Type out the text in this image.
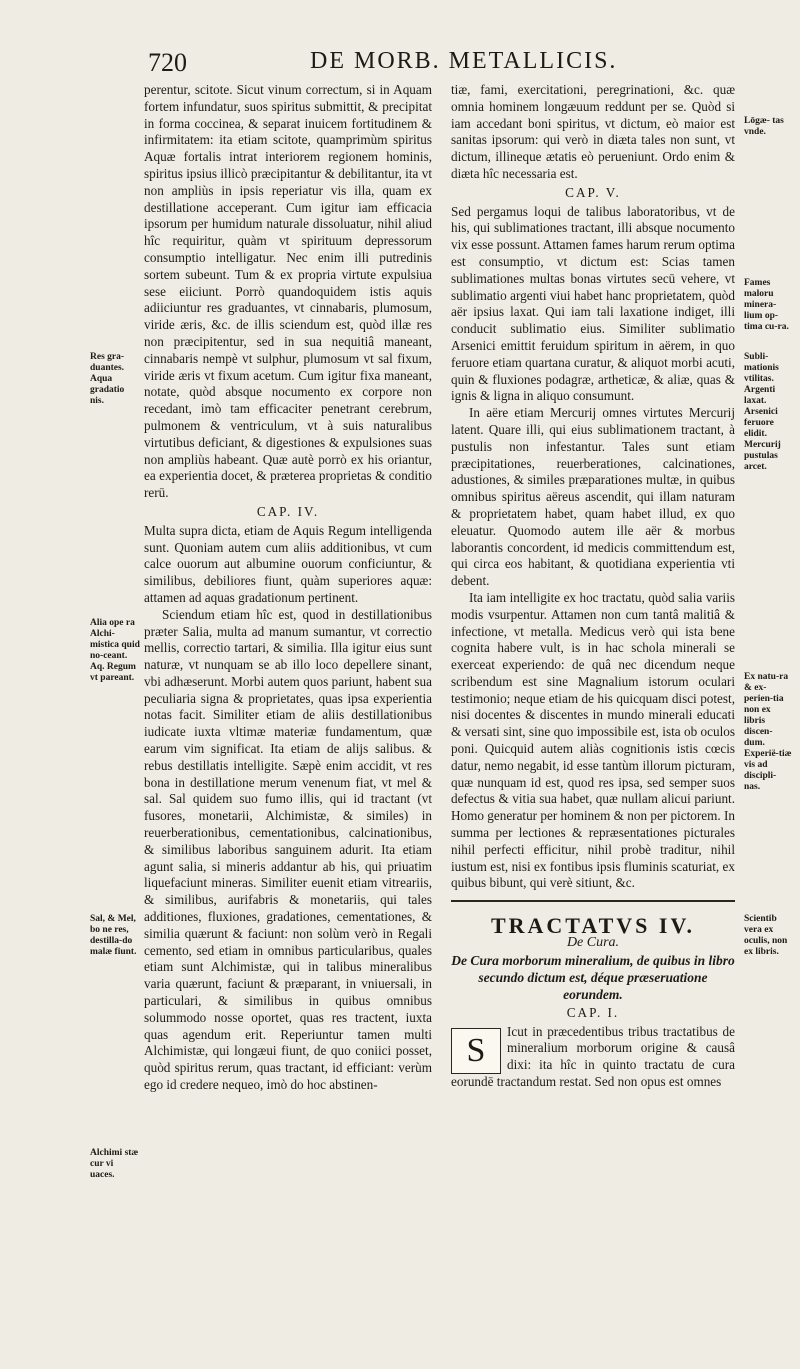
720	DE MORB. METALLICIS.
Res gra-duantes. Aqua gradatio nis.
Alia ope ra Alchi-mistica quid no-ceant. Aq. Regum vt pareant.
Sal, & Mel, bo ne res, destilla-do malæ fiunt.
Alchimi stæ cur vi uaces.
Lōgæ- tas vnde.
Fames maloru minera-lium op-tima cu-ra.
Subli-mationis vtilitas. Argenti laxat. Arsenici feruore elidit. Mercurij pustulas arcet.
Ex natu-ra & ex-perien-tia non ex libris discen-dum. Experië-tiæ vis ad discipli-nas.
Scientib vera ex oculis, non ex libris.

perentur, scitote. Sicut vinum correctum, si in Aquam fortem infundatur, suos spiritus submittit, & precipitat in forma coccinea, & separat inuicem fortitudinem & infirmitatem: ita etiam scitote, quamprimùm spiritus Aquæ fortalis intrat interiorem regionem hominis, spiritus ipsius illicò præcipitantur & debilitantur, ita vt non ampliùs in ipsis reperiatur vis illa, quam ex destillatione acceperant. Cum igitur iam efficacia ipsorum per humidum naturale dissoluatur, nihil aliud hîc requiritur, quàm vt spirituum depressorum consumptio intelligatur. Nec enim illi putredinis sortem subeunt. Tum & ex propria virtute expulsiua sese eiiciunt. Porrò quandoquidem istis aquis adiiciuntur res graduantes, vt cinnabaris, plumosum, viride æris, &c. de illis sciendum est, quòd illæ res non præcipitentur, sed in sua nequitiâ maneant, cinnabaris nempè vt sulphur, plumosum vt sal fixum, viride æris vt fixum acetum. Cum igitur fixa maneant, notate, quòd absque nocumento ex corpore non recedant, imò tam efficaciter penetrant cerebrum, pulmonem & ventriculum, vt à suis naturalibus virtutibus deficiant, & digestiones & expulsiones suas non ampliùs habeant. Quæ autè porrò ex his oriantur, ea experientia docet, & præterea proprietas & conditio rerū.

CAP. IV.

Multa supra dicta, etiam de Aquis Regum intelligenda sunt. Quoniam autem cum aliis additionibus, vt cum calce ouorum aut albumine ouorum conficiuntur, & similibus, debiliores fiunt, quàm superiores aquæ: attamen ad aquas gradationum pertinent.

Sciendum etiam hîc est, quod in destillationibus præter Salia, multa ad manum sumantur, vt correctio mellis, correctio tartari, & similia. Illa igitur eius sunt naturæ, vt nunquam se ab illo loco depellere sinant, vbi adhæserunt. Morbi autem quos pariunt, habent sua peculiaria signa & proprietates, quas ipsa experientia notas facit. Similiter etiam de aliis destillationibus iudicate iuxta vltimæ materiæ fundamentum, quæ earum vim significat. Ita etiam de alijs salibus. & rebus destillatis intelligite. Sæpè enim accidit, vt res bona in destillatione merum venenum fiat, vt mel & sal. Sal quidem suo fumo illis, qui id tractant (vt fusores, monetarii, Alchimistæ, & similes) in reuerberationibus, cementationibus, calcinationibus, & similibus laboribus sanguinem adurit. Ita etiam agunt salia, si mineris addantur ab his, qui priuatim liquefaciunt mineras. Similiter euenit etiam vitreariis, & similibus, aurifabris & monetariis, qui tales additiones, fluxiones, gradationes, cementationes, & similia quærunt & faciunt: non solùm verò in Regali cemento, sed etiam in omnibus particularibus, quales etiam sunt Alchimistæ, qui in talibus mineralibus varia quærunt, faciunt & præparant, in vniuersali, in particulari, & similibus in quibus omnibus solummodo nosse oportet, quas res tractent, iuxta quas agendum erit. Reperiuntur tamen multi Alchimistæ, qui longæui fiunt, de quo coniici posset, quòd spiritus rerum, quas tractant, id efficiant: verùm ego id credere nequeo, imò do hoc abstinen-

tiæ, fami, exercitationi, peregrinationi, &c. quæ omnia hominem longæuum reddunt per se. Quòd si iam accedant boni spiritus, vt dictum, eò maior est sanitas ipsorum: qui verò in diæta tales non sunt, vt dictum, illineque ætatis eò perueniunt. Ordo enim & diæta hîc necessaria est.

CAP. V.

Sed pergamus loqui de talibus laboratoribus, vt de his, qui sublimationes tractant, illi absque nocumento vix esse possunt. Attamen fames harum rerum optima est consumptio, vt dictum est: Scias tamen sublimationes multas bonas virtutes secū vehere, vt sublimatio argenti viui habet hanc proprietatem, quòd aër ipsius laxat. Qui iam tali laxatione indiget, illi conducit sublimatio eius. Similiter sublimatio Arsenici emittit feruidum spiritum in aërem, in quo feruore etiam quartana curatur, & aliquot morbi acuti, quin & fluxiones podagræ, artheticæ, & aliæ, quas & ignis & ligna in aliquo consumunt.

In aëre etiam Mercurij omnes virtutes Mercurij latent. Quare illi, qui eius sublimationem tractant, à pustulis non infestantur. Tales sunt etiam præcipitationes, reuerberationes, calcinationes, adustiones, & similes præparationes multæ, in quibus omnibus spiritus aëreus ascendit, qui illam naturam & proprietatem habet, quam habet illud, ex quo eleuatur. Quomodo autem ille aër & morbus laborantis concordent, id medicis committendum est, qui circa eos habitant, & quotidiana experientia vti debent.

Ita iam intelligite ex hoc tractatu, quòd salia variis modis vsurpentur. Attamen non cum tantâ malitiâ & infectione, vt metalla. Medicus verò qui ista bene cognita habere vult, is in hac schola minerali se exerceat experiendo: de quâ nec dicendum neque scribendum est sine Magnalium istorum oculari testimonio; neque etiam de his quicquam disci potest, nisi docentes & discentes in mundo minerali educati & versati sint, sine quo impossibile est, ista ob oculos poni. Quicquid autem aliàs cognitionis istis cœcis datur, nemo negabit, id esse tantùm illorum picturam, quæ nunquam id est, quod res ipsa, sed semper suos defectus & vitia sua habet, quæ nullam alicui pariunt. Homo generatur per hominem & non per pictorem. In summa per lectiones & repræsentationes picturales nihil perfecti efficitur, nihil probè traditur, nihil iustum est, nisi ex fontibus ipsis fluminis scaturiat, ex quibus bibunt, qui verè sitiunt, &c.

TRACTATVS IV.
De Cura.
De Cura morborum mineralium, de quibus in libro secundo dictum est, déque præseruatione eorundem.
CAP. I.
S

Icut in præcedentibus tribus tractatibus de mineralium morborum origine & causâ dixi: ita hîc in quinto tractatu de cura eorundē tractandum restat. Sed non opus est omnes
